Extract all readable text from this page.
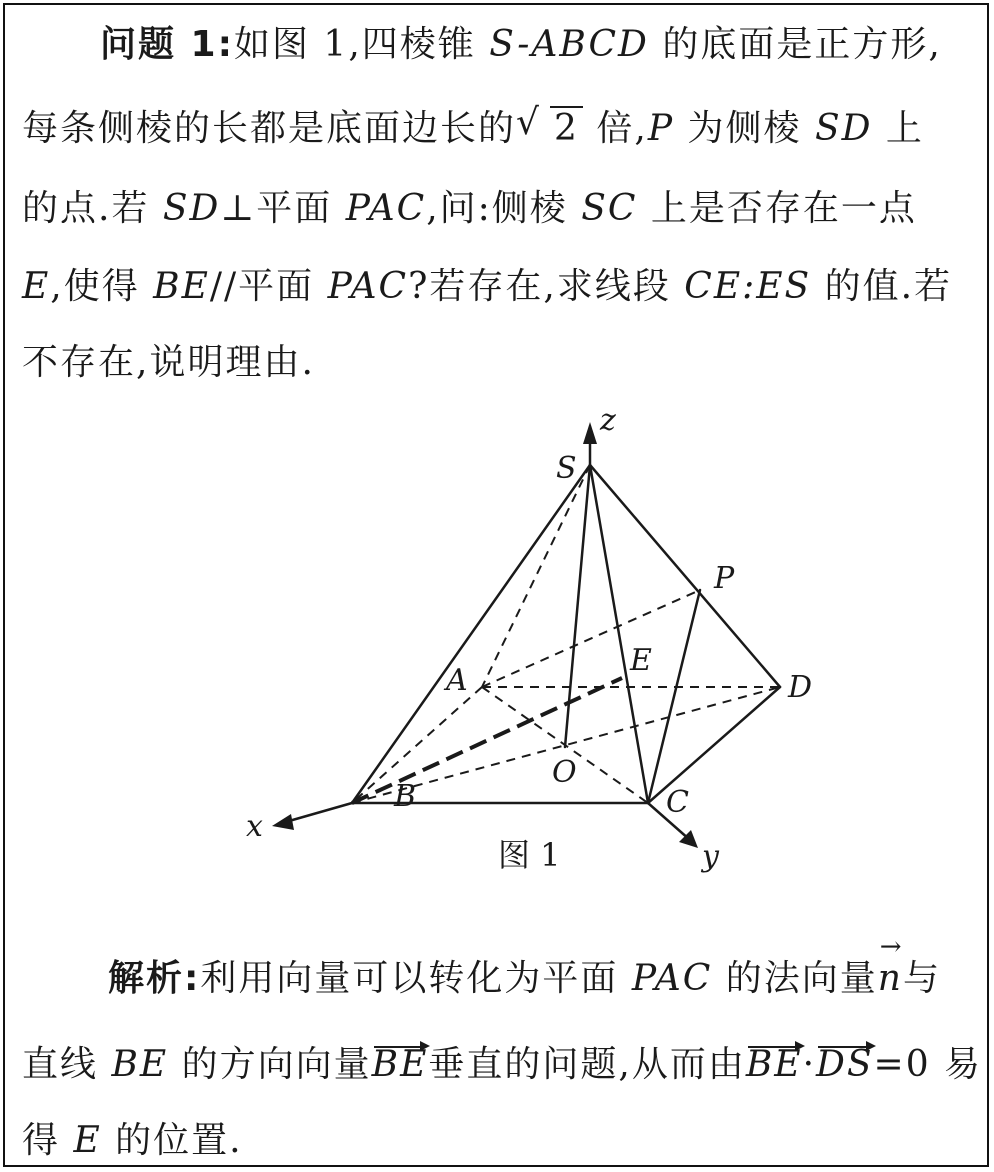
问题 1:如图 1,四棱锥 S-ABCD 的底面是正方形,
每条侧棱的长都是底面边长的 √ 2 倍,P 为侧棱 SD 上
的点.若 SD⊥平面 PAC,问:侧棱 SC 上是否存在一点
E,使得 BE//平面 PAC?若存在,求线段 CE:ES 的值.若
不存在,说明理由.
S
A
B	C
D
P
E
O
x
y
z
图 1
解析:利用向量可以转化为平面 PAC 的法向量n →与
直线 BE 的方向向量BE垂直的问题,从而由BE·DS=0 易
得 E 的位置.
